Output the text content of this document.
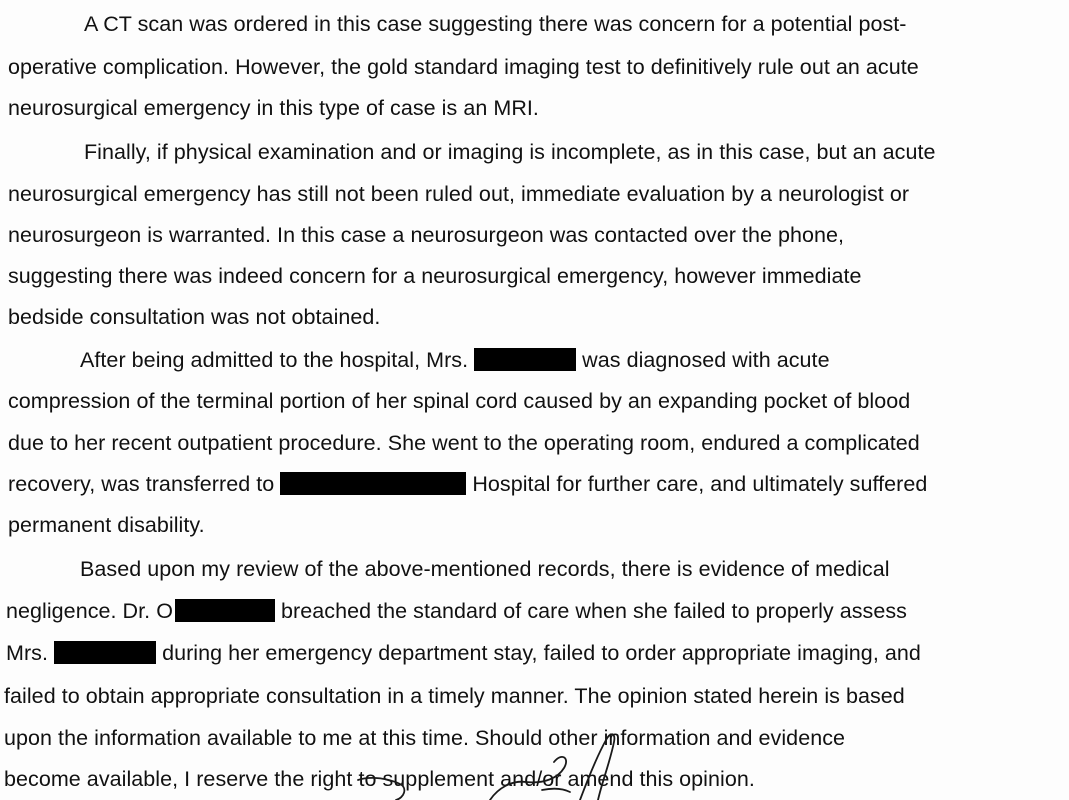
A CT scan was ordered in this case suggesting there was concern for a potential post-
operative complication. However, the gold standard imaging test to definitively rule out an acute
neurosurgical emergency in this type of case is an MRI.
Finally, if physical examination and or imaging is incomplete, as in this case, but an acute
neurosurgical emergency has still not been ruled out, immediate evaluation by a neurologist or
neurosurgeon is warranted. In this case a neurosurgeon was contacted over the phone,
suggesting there was indeed concern for a neurosurgical emergency, however immediate
bedside consultation was not obtained.
After being admitted to the hospital, Mrs.	was diagnosed with acute
compression of the terminal portion of her spinal cord caused by an expanding pocket of blood
due to her recent outpatient procedure. She went to the operating room, endured a complicated
recovery, was transferred to	Hospital for further care, and ultimately suffered
permanent disability.
Based upon my review of the above-mentioned records, there is evidence of medical
negligence. Dr. O	breached the standard of care when she failed to properly assess
Mrs.	during her emergency department stay, failed to order appropriate imaging, and
failed to obtain appropriate consultation in a timely manner. The opinion stated herein is based
upon the information available to me at this time. Should other information and evidence
become available, I reserve the right to supplement and/or amend this opinion.
